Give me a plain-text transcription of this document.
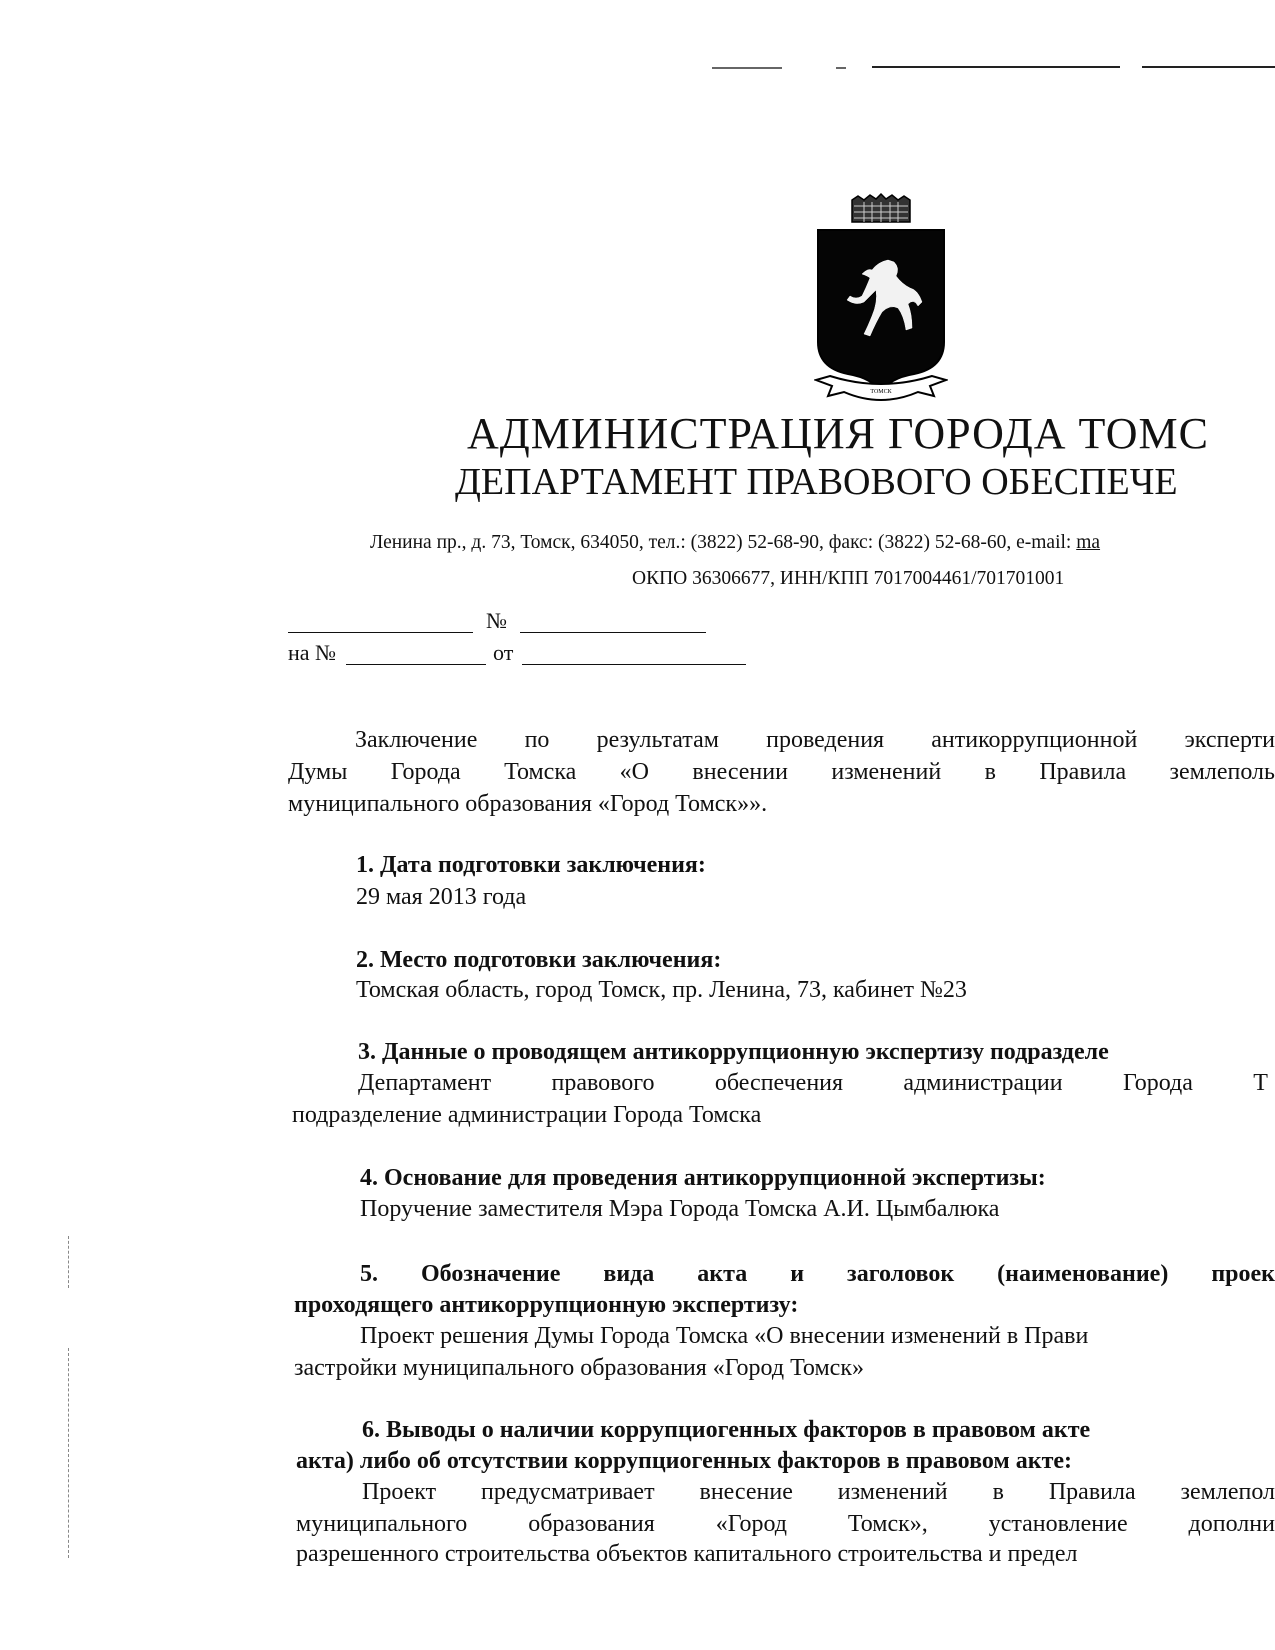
ТОМСК
АДМИНИСТРАЦИЯ ГОРОДА ТОМС
ДЕПАРТАМЕНТ ПРАВОВОГО ОБЕСПЕЧЕ
Ленина пр., д. 73, Томск, 634050, тел.: (3822) 52-68-90, факс: (3822) 52-68-60, e-mail: ma
ОКПО 36306677, ИНН/КПП 7017004461/701701001
№
на №	от
Заключение по результатам проведения антикоррупционной эксперти
Думы Города Томска «О внесении изменений в Правила землеполь
муниципального образования «Город Томск»».
1. Дата подготовки заключения:
29 мая 2013 года
2. Место подготовки заключения:
Томская область, город Томск, пр. Ленина, 73, кабинет №23
3. Данные о проводящем антикоррупционную экспертизу подразделе
Департамент	правового	обеспечения	администрации	Города	Т
подразделение администрации Города Томска
4. Основание для проведения антикоррупционной экспертизы:
Поручение заместителя Мэра Города Томска А.И. Цымбалюка
5. Обозначение вида акта и заголовок (наименование) проек
проходящего антикоррупционную экспертизу:
Проект решения Думы Города Томска «О внесении изменений в Прави
застройки муниципального образования «Город Томск»
6. Выводы о наличии коррупциогенных факторов в правовом акте
акта) либо об отсутствии коррупциогенных факторов в правовом акте:
Проект предусматривает внесение изменений в Правила землепол
муниципального	образования	«Город	Томск»,	установление	дополни
разрешенного строительства объектов капитального строительства и предел
